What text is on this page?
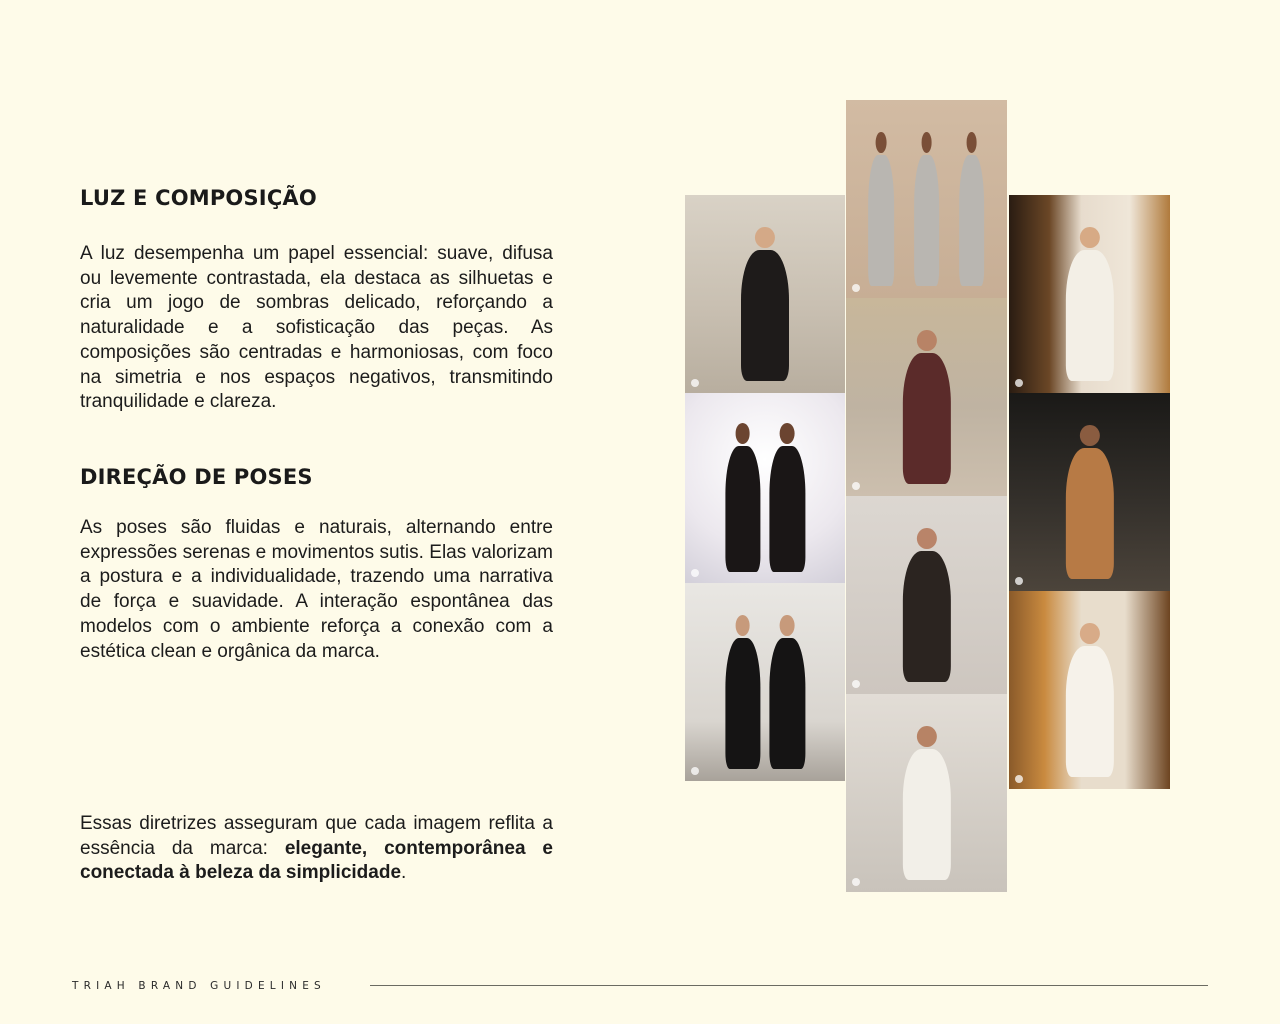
LUZ E COMPOSIÇÃO

A luz desempenha um papel essencial: suave, difusa ou levemente contrastada, ela destaca as silhuetas e cria um jogo de sombras delicado, reforçando a naturalidade e a sofisticação das peças. As composições são centradas e harmoniosas, com foco na simetria e nos espaços negativos, transmitindo tranquilidade e clareza.

DIREÇÃO DE POSES

As poses são fluidas e naturais, alternando entre expressões serenas e movimentos sutis. Elas valorizam a postura e a individualidade, trazendo uma narrativa de força e suavidade. A interação espontânea das modelos com o ambiente reforça a conexão com a estética clean e orgânica da marca.

Essas diretrizes asseguram que cada imagem reflita a essência da marca: elegante, contemporânea e conectada à beleza da simplicidade.

TRIAH BRAND GUIDELINES
